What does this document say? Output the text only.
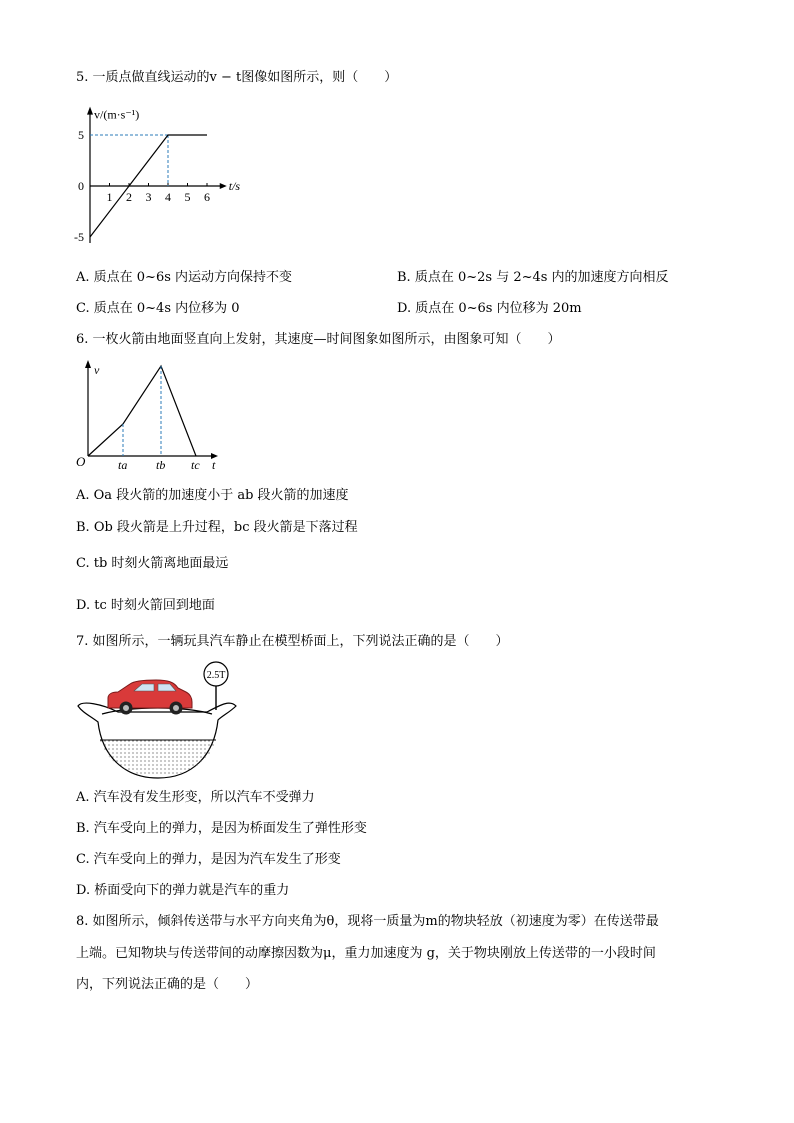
5. 一质点做直线运动的v − t图像如图所示，则（　　）
1 2 3 4 5 6
5
0
-5
t/s
v/(m·s⁻¹)
A. 质点在 0~6s 内运动方向保持不变	B. 质点在 0~2s 与 2~4s 内的加速度方向相反
C. 质点在 0~4s 内位移为 0	D. 质点在 0~6s 内位移为 20m
6. 一枚火箭由地面竖直向上发射，其速度—时间图象如图所示，由图象可知（　　）
O
v
t
ta tb tc
A. Oa 段火箭的加速度小于 ab 段火箭的加速度
B. Ob 段火箭是上升过程，bc 段火箭是下落过程
C. tb 时刻火箭离地面最远
D. tc 时刻火箭回到地面
7. 如图所示，一辆玩具汽车静止在模型桥面上，下列说法正确的是（　　）
2.5T
A. 汽车没有发生形变，所以汽车不受弹力
B. 汽车受向上的弹力，是因为桥面发生了弹性形变
C. 汽车受向上的弹力，是因为汽车发生了形变
D. 桥面受向下的弹力就是汽车的重力
8. 如图所示，倾斜传送带与水平方向夹角为θ，现将一质量为m的物块轻放（初速度为零）在传送带最
上端。已知物块与传送带间的动摩擦因数为μ，重力加速度为 g，关于物块刚放上传送带的一小段时间
内，下列说法正确的是（　　）
